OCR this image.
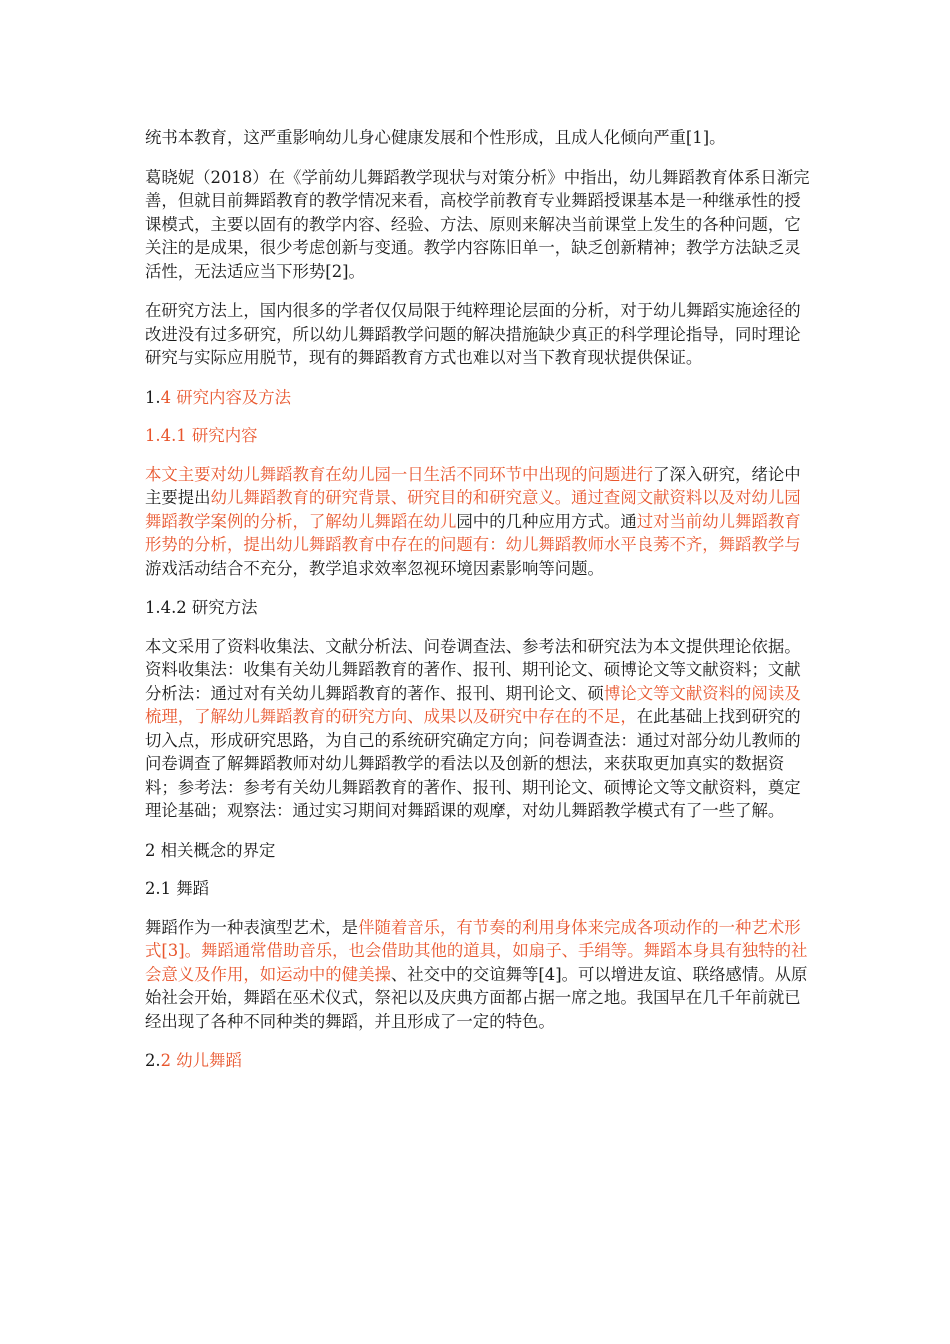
统书本教育，这严重影响幼儿身心健康发展和个性形成，且成人化倾向严重[1]。

葛晓妮（2018）在《学前幼儿舞蹈教学现状与对策分析》中指出，幼儿舞蹈教育体系日渐完善，但就目前舞蹈教育的教学情况来看，高校学前教育专业舞蹈授课基本是一种继承性的授课模式，主要以固有的教学内容、经验、方法、原则来解决当前课堂上发生的各种问题，它关注的是成果，很少考虑创新与变通。教学内容陈旧单一，缺乏创新精神；教学方法缺乏灵活性，无法适应当下形势[2]。

在研究方法上，国内很多的学者仅仅局限于纯粹理论层面的分析，对于幼儿舞蹈实施途径的改进没有过多研究，所以幼儿舞蹈教学问题的解决措施缺少真正的科学理论指导，同时理论研究与实际应用脱节，现有的舞蹈教育方式也难以对当下教育现状提供保证。

1.4 研究内容及方法
1.4.1 研究内容

本文主要对幼儿舞蹈教育在幼儿园一日生活不同环节中出现的问题进行了深入研究，绪论中主要提出幼儿舞蹈教育的研究背景、研究目的和研究意义。通过查阅文献资料以及对幼儿园舞蹈教学案例的分析，了解幼儿舞蹈在幼儿园中的几种应用方式。通过对当前幼儿舞蹈教育形势的分析，提出幼儿舞蹈教育中存在的问题有：幼儿舞蹈教师水平良莠不齐，舞蹈教学与游戏活动结合不充分，教学追求效率忽视环境因素影响等问题。

1.4.2 研究方法

本文采用了资料收集法、文献分析法、问卷调查法、参考法和研究法为本文提供理论依据。资料收集法：收集有关幼儿舞蹈教育的著作、报刊、期刊论文、硕博论文等文献资料；文献分析法：通过对有关幼儿舞蹈教育的著作、报刊、期刊论文、硕博论文等文献资料的阅读及梳理，了解幼儿舞蹈教育的研究方向、成果以及研究中存在的不足，在此基础上找到研究的切入点，形成研究思路，为自己的系统研究确定方向；问卷调查法：通过对部分幼儿教师的问卷调查了解舞蹈教师对幼儿舞蹈教学的看法以及创新的想法，来获取更加真实的数据资料；参考法：参考有关幼儿舞蹈教育的著作、报刊、期刊论文、硕博论文等文献资料，奠定理论基础；观察法：通过实习期间对舞蹈课的观摩，对幼儿舞蹈教学模式有了一些了解。

2 相关概念的界定
2.1 舞蹈

舞蹈作为一种表演型艺术，是伴随着音乐，有节奏的利用身体来完成各项动作的一种艺术形式[3]。舞蹈通常借助音乐，也会借助其他的道具，如扇子、手绢等。舞蹈本身具有独特的社会意义及作用，如运动中的健美操、社交中的交谊舞等[4]。可以增进友谊、联络感情。从原始社会开始，舞蹈在巫术仪式，祭祀以及庆典方面都占据一席之地。我国早在几千年前就已经出现了各种不同种类的舞蹈，并且形成了一定的特色。

2.2 幼儿舞蹈
